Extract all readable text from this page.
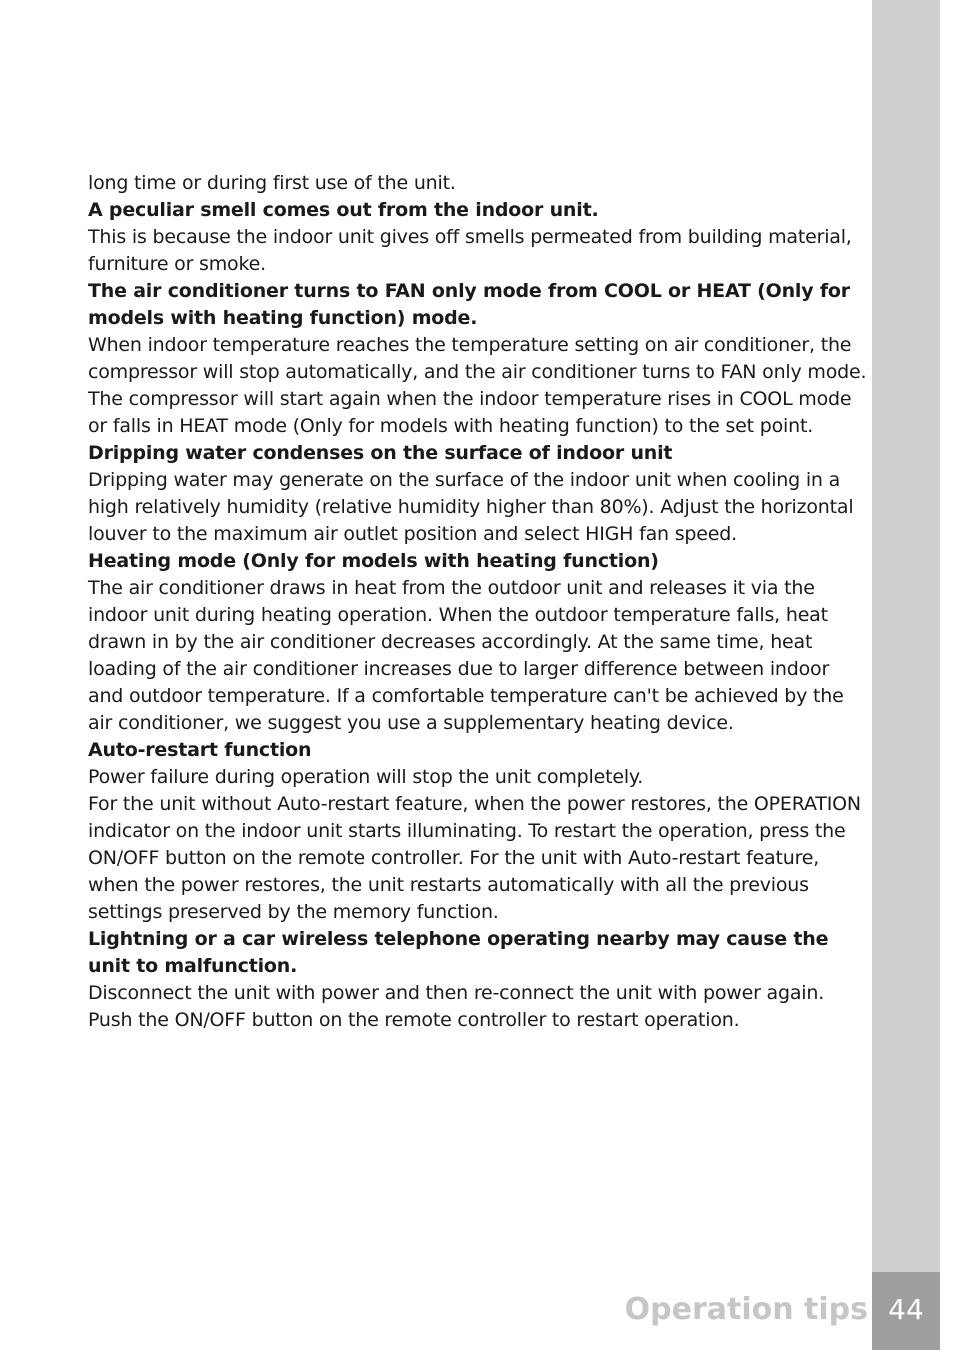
44
Operation tips

long time or during first use of the unit.

A peculiar smell comes out from the indoor unit.

This is because the indoor unit gives off smells permeated from building material, furniture or smoke.

The air conditioner turns to FAN only mode from COOL or HEAT (Only for models with heating function) mode.

When indoor temperature reaches the temperature setting on air conditioner, the compressor will stop automatically, and the air conditioner turns to FAN only mode. The compressor will start again when the indoor temperature rises in COOL mode or falls in HEAT mode (Only for models with heating function) to the set point.

Dripping water condenses on the surface of indoor unit

Dripping water may generate on the surface of the indoor unit when cooling in a high relatively humidity (relative humidity higher than 80%). Adjust the horizontal louver to the maximum air outlet position and select HIGH fan speed.

Heating mode (Only for models with heating function)

The air conditioner draws in heat from the outdoor unit and releases it via the indoor unit during heating operation. When the outdoor temperature falls, heat drawn in by the air conditioner decreases accordingly. At the same time, heat loading of the air conditioner increases due to larger difference between indoor and outdoor temperature. If a comfortable temperature can't be achieved by the air conditioner, we suggest you use a supplementary heating device.

Auto-restart function

Power failure during operation will stop the unit completely.

For the unit without Auto-restart feature, when the power restores, the OPERATION indicator on the indoor unit starts illuminating. To restart the operation, press the ON/OFF button on the remote controller. For the unit with Auto-restart feature, when the power restores, the unit restarts automatically with all the previous settings preserved by the memory function.

Lightning or a car wireless telephone operating nearby may cause the unit to malfunction.

Disconnect the unit with power and then re-connect the unit with power again. Push the ON/OFF button on the remote controller to restart operation.
